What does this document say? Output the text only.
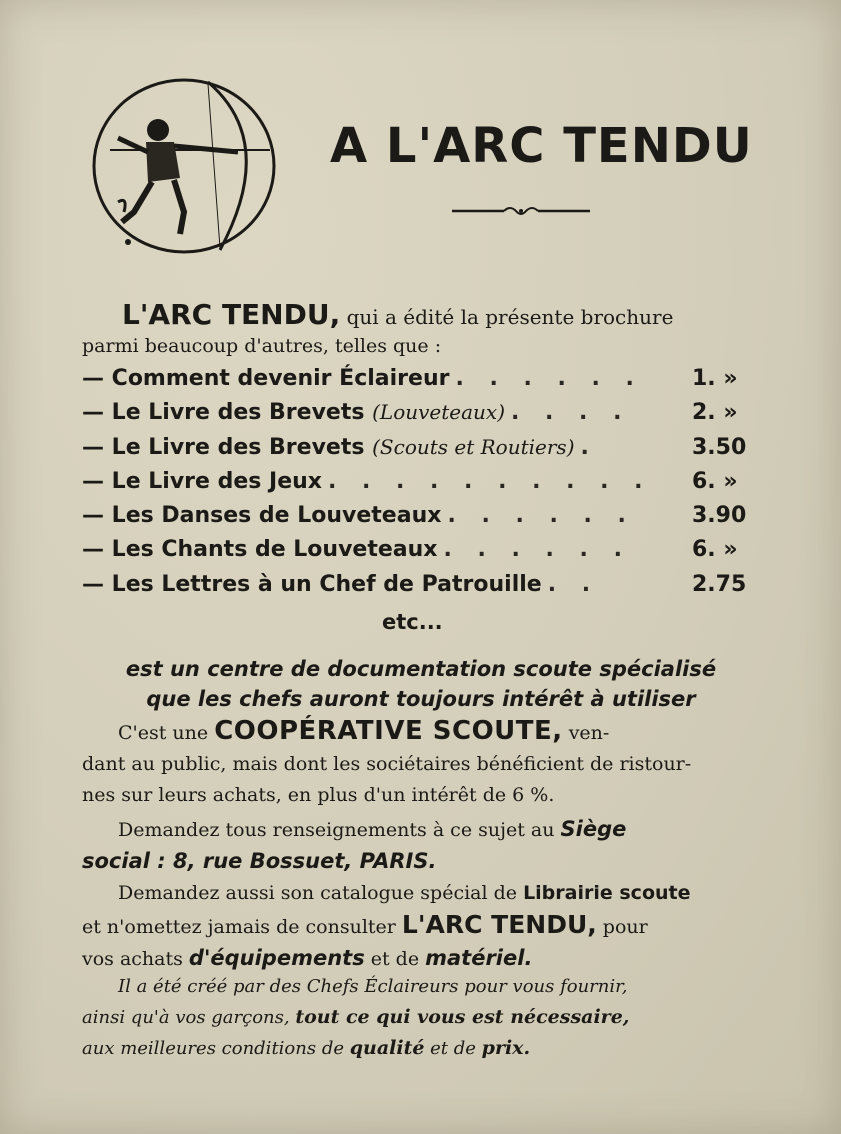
A L'ARC TENDU
L'ARC TENDU, qui a édité la présente brochure
parmi beaucoup d'autres, telles que :
— Comment devenir Éclaireur . . . . . .	1. »
— Le Livre des Brevets (Louveteaux) . . . .	2. »
— Le Livre des Brevets (Scouts et Routiers) .	3.50
— Le Livre des Jeux . . . . . . . . . .	6. »
— Les Danses de Louveteaux . . . . . .	3.90
— Les Chants de Louveteaux . . . . . .	6. »
— Les Lettres à un Chef de Patrouille . .	2.75
etc...
est un centre de documentation scoute spécialisé
que les chefs auront toujours intérêt à utiliser
C'est une COOPÉRATIVE SCOUTE, ven-
dant au public, mais dont les sociétaires bénéficient de ristour-
nes sur leurs achats, en plus d'un intérêt de 6 %.
Demandez tous renseignements à ce sujet au Siège
social : 8, rue Bossuet, PARIS.
Demandez aussi son catalogue spécial de Librairie scoute
et n'omettez jamais de consulter L'ARC TENDU, pour
vos achats d'équipements et de matériel.
Il a été créé par des Chefs Éclaireurs pour vous fournir,
ainsi qu'à vos garçons, tout ce qui vous est nécessaire,
aux meilleures conditions de qualité et de prix.
